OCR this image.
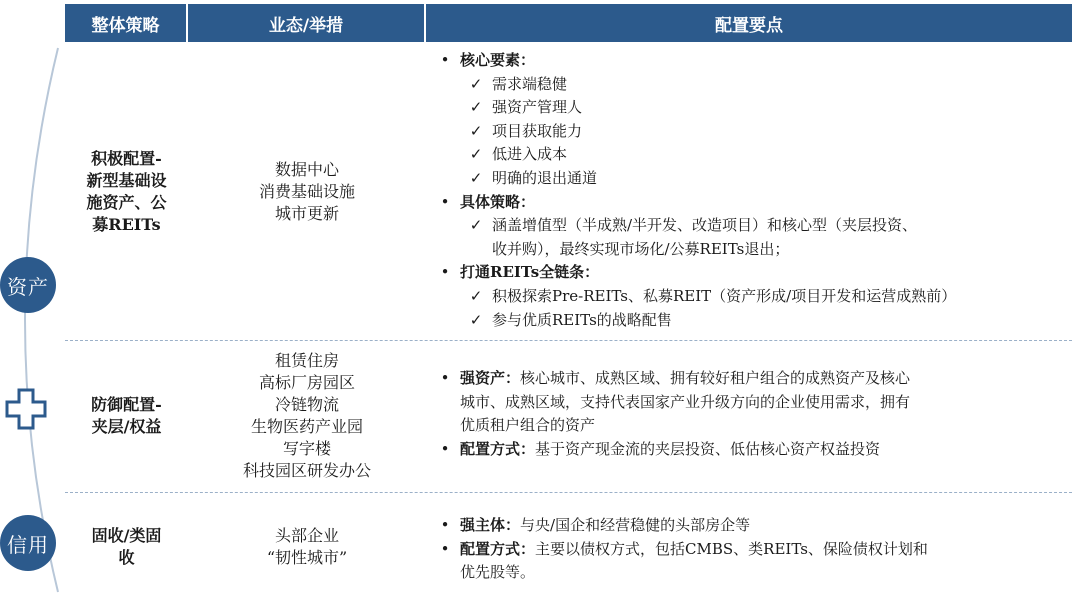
整体策略	业态/举措	配置要点
资产
信用
积极配置-
新型基础设
施资产、公
募REITs
数据中心
消费基础设施
城市更新
• 核心要素：
✓ 需求端稳健
✓ 强资产管理人
✓ 项目获取能力
✓ 低进入成本
✓ 明确的退出通道
• 具体策略：
✓ 涵盖增值型（半成熟/半开发、改造项目）和核心型（夹层投资、
收并购），最终实现市场化/公募REITs退出；
• 打通REITs全链条：
✓ 积极探索Pre-REITs、私募REIT（资产形成/项目开发和运营成熟前）
✓ 参与优质REITs的战略配售
防御配置-
夹层/权益
租赁住房
高标厂房园区
冷链物流
生物医药产业园
写字楼
科技园区研发办公
• 强资产：核心城市、成熟区域、拥有较好租户组合的成熟资产及核心
城市、成熟区域，支持代表国家产业升级方向的企业使用需求，拥有
优质租户组合的资产
• 配置方式：基于资产现金流的夹层投资、低估核心资产权益投资
固收/类固
收
头部企业
“韧性城市”
• 强主体：与央/国企和经营稳健的头部房企等
• 配置方式：主要以债权方式，包括CMBS、类REITs、保险债权计划和
优先股等。
